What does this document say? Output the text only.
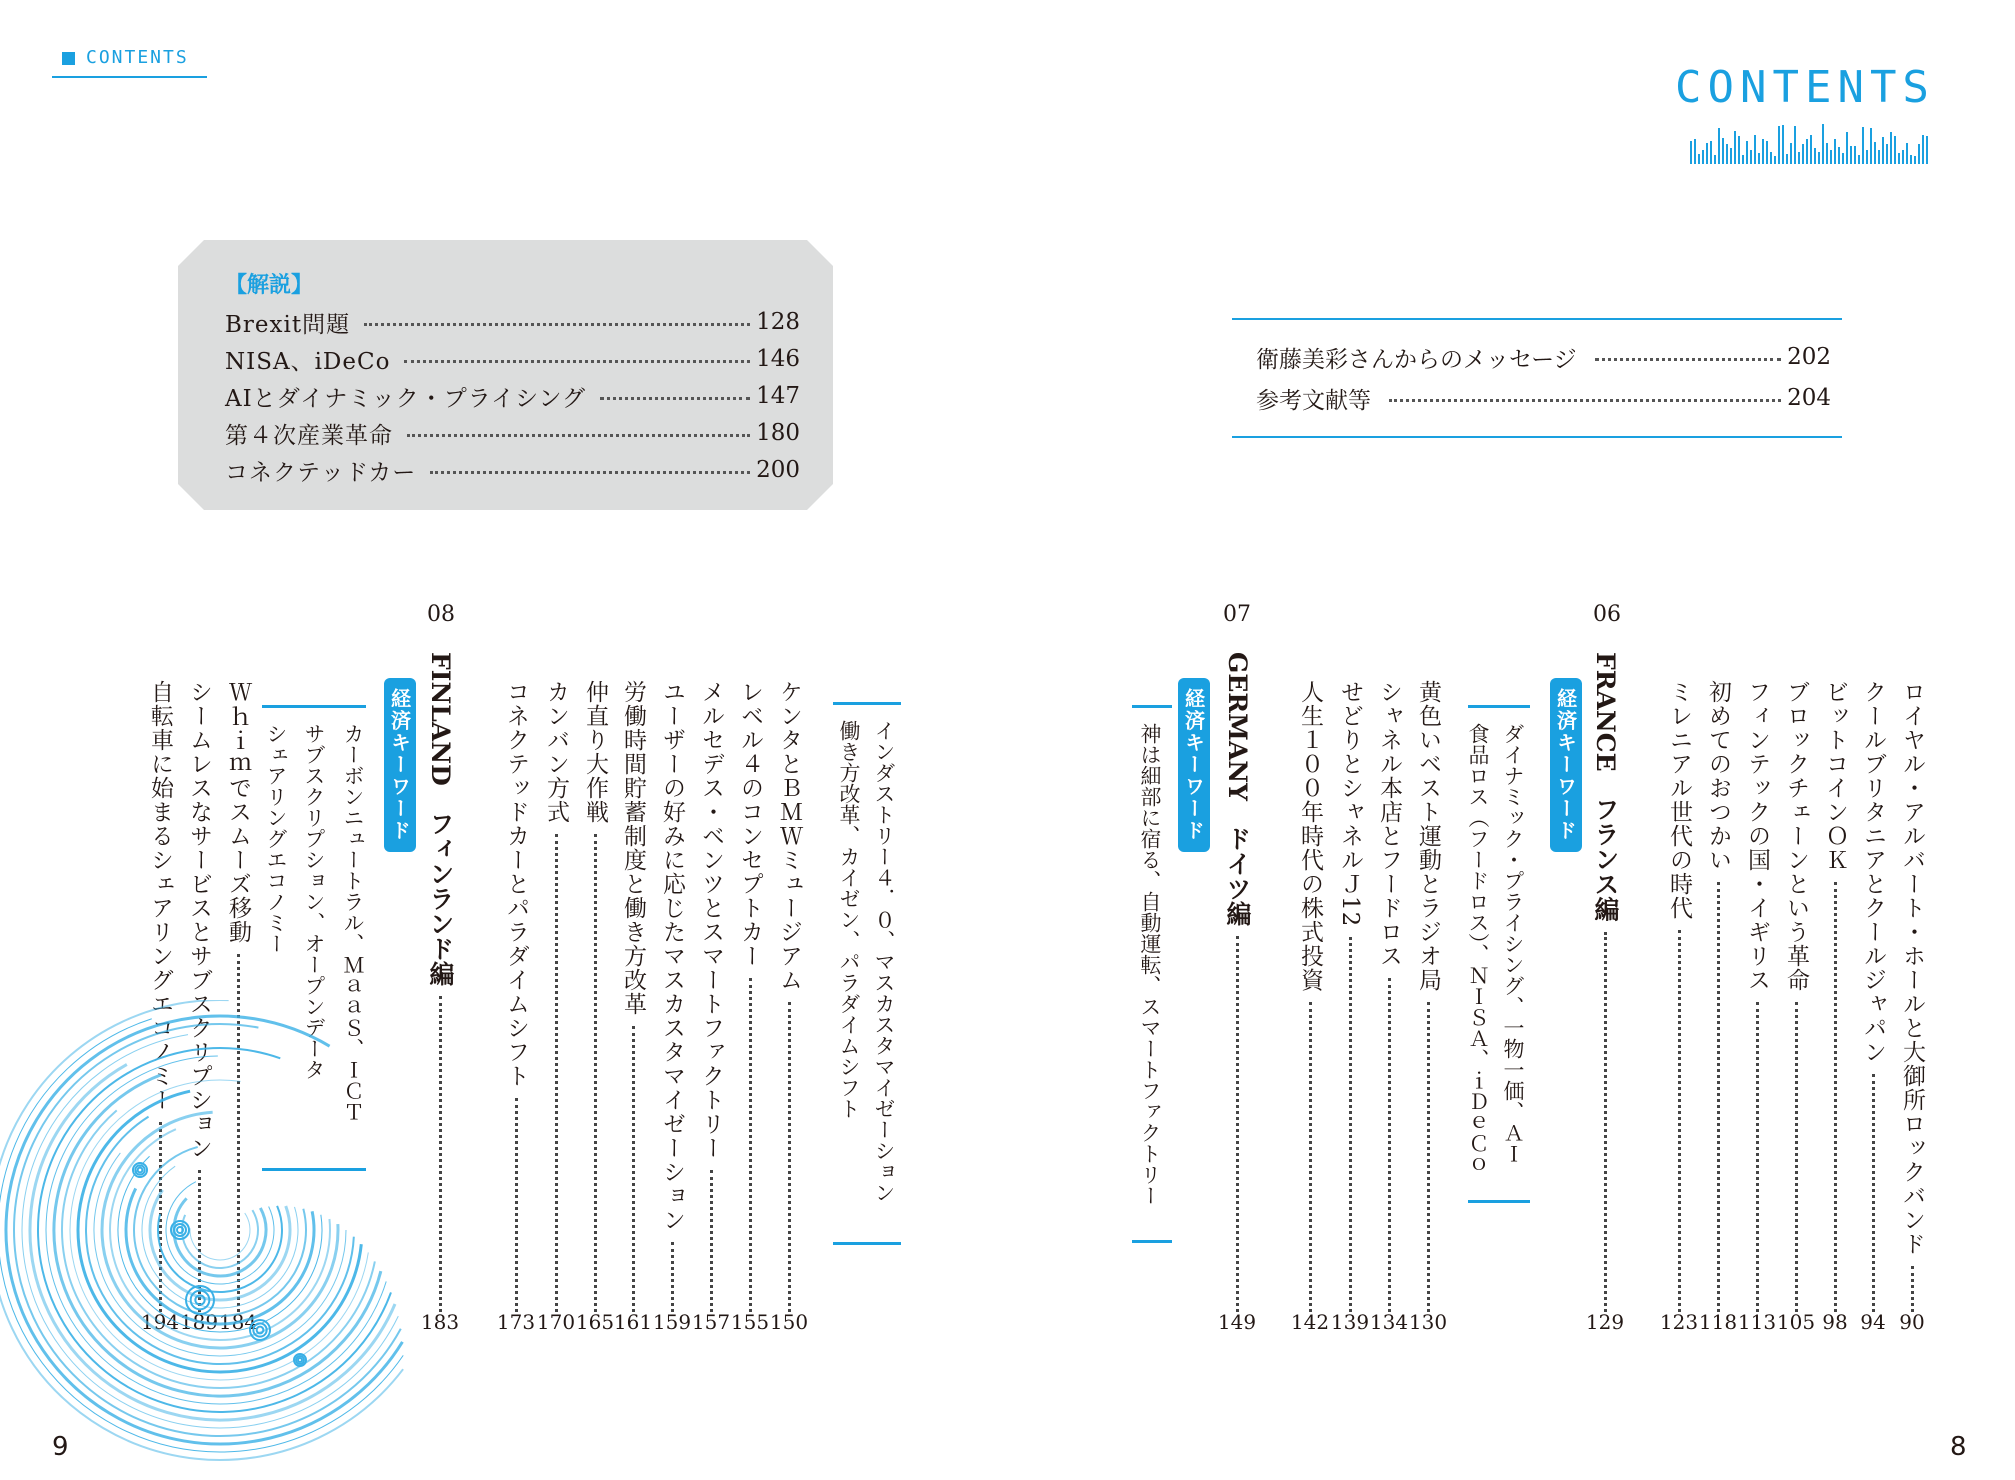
CONTENTS
CONTENTS
【解説】
Brexit問題	128
NISA、iDeCo	146
AIとダイナミック・プライシング	147
第４次産業革命	180
コネクテッドカー	200
衛藤美彩さんからのメッセージ	202
参考文献等	204
ロイヤル・アルバート・ホールと大御所ロックバンド
90
クールブリタニアとクールジャパン
94
ビットコインＯＫ
98
ブロックチェーンという革命
105
フィンテックの国・イギリス
113
初めてのおつかい
118
ミレニアル世代の時代
123
06
FRANCE　フランス編
129
経済キーワード
ダイナミック・プライシング、一物一価、ＡＩ
食品ロス（フードロス）、ＮＩＳＡ、ｉＤｅＣｏ
黄色いベスト運動とラジオ局
130
シャネル本店とフードロス
134
せどりとシャネルＪ12
139
人生１００年時代の株式投資
142
07
GERMANY　ドイツ編
149
経済キーワード
神は細部に宿る、自動運転、スマートファクトリー
インダストリー４．０、マスカスタマイゼーション
働き方改革、カイゼン、パラダイムシフト
ケンタとＢＭＷミュージアム
150
レベル４のコンセプトカー
155
メルセデス・ベンツとスマートファクトリー
157
ユーザーの好みに応じたマスカスタマイゼーション
159
労働時間貯蓄制度と働き方改革
161
仲直り大作戦
165
カンバン方式
170
コネクテッドカーとパラダイムシフト
173
08
FINLAND　フィンランド編
183
経済キーワード
カーボンニュートラル、ＭａａＳ、ＩＣＴ
サブスクリプション、オープンデータ
シェアリングエコノミー
Ｗｈｉｍでスムーズ移動
184
シームレスなサービスとサブスクリプション
189
自転車に始まるシェアリングエコノミー
194
9	8
